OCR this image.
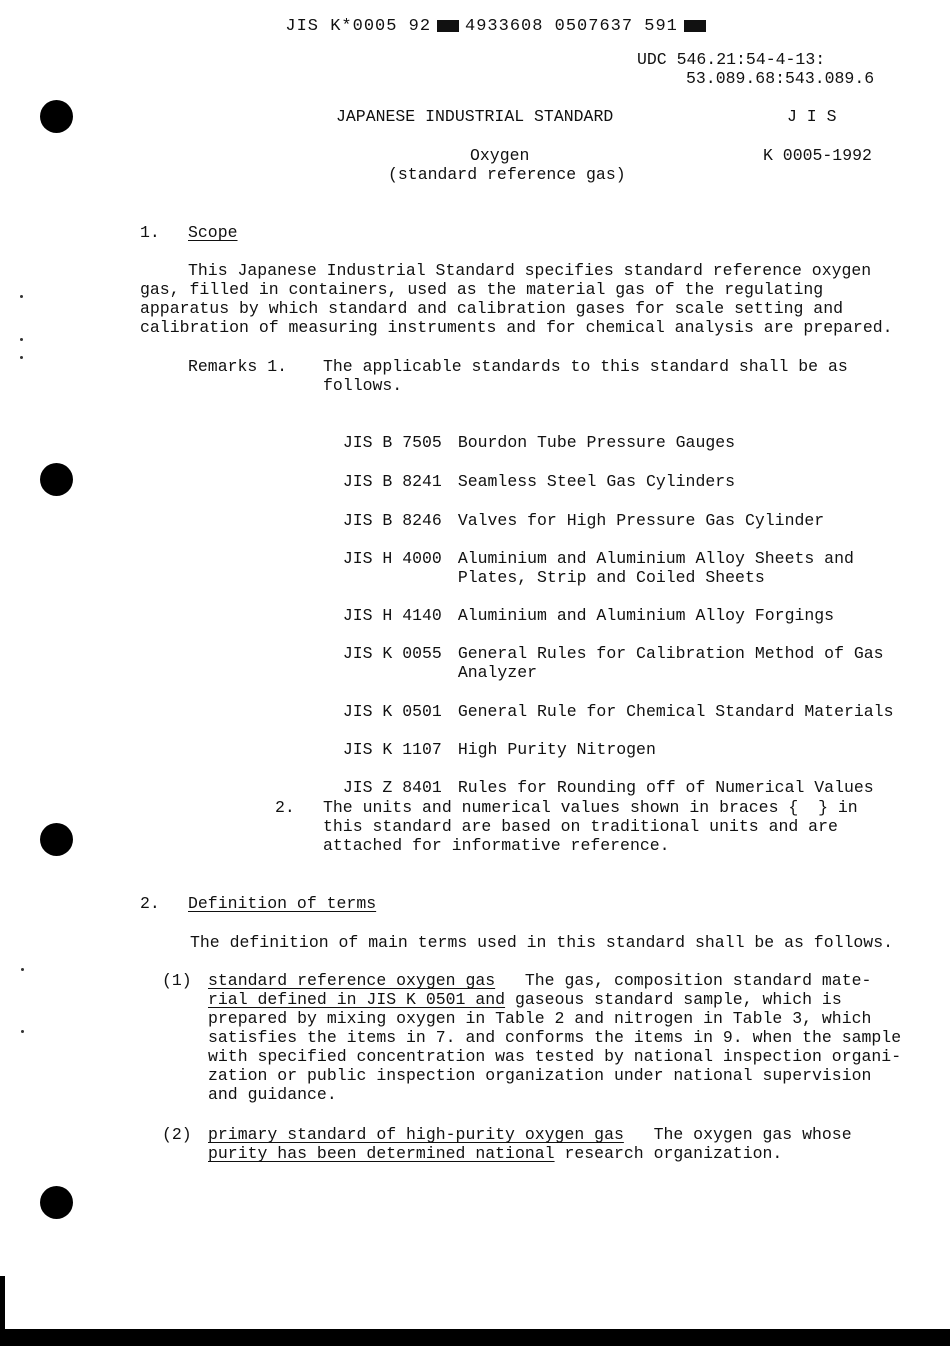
JIS K*0005 92 4933608 0507637 591

UDC 546.21:54-4-13:
53.089.68:543.089.6
JAPANESE INDUSTRIAL STANDARD	J I S
Oxygen
(standard reference gas)
K 0005-1992
1. Scope
This Japanese Industrial Standard specifies standard reference oxygen
gas, filled in containers, used as the material gas of the regulating
apparatus by which standard and calibration gases for scale setting and
calibration of measuring instruments and for chemical analysis are prepared.
Remarks 1. The applicable standards to this standard shall be as
follows.

JIS B 7505 Bourdon Tube Pressure Gauges

JIS B 8241 Seamless Steel Gas Cylinders

JIS B 8246 Valves for High Pressure Gas Cylinder

JIS H 4000 Aluminium and Aluminium Alloy Sheets and

Plates, Strip and Coiled Sheets

JIS H 4140 Aluminium and Aluminium Alloy Forgings

JIS K 0055 General Rules for Calibration Method of Gas

Analyzer

JIS K 0501 General Rule for Chemical Standard Materials

JIS K 1107 High Purity Nitrogen

JIS Z 8401 Rules for Rounding off of Numerical Values

2. The units and numerical values shown in braces {  } in
this standard are based on traditional units and are
attached for informative reference.
2. Definition of terms
The definition of main terms used in this standard shall be as follows.
(1) standard reference oxygen gas   The gas, composition standard mate-
rial defined in JIS K 0501 and gaseous standard sample, which is
prepared by mixing oxygen in Table 2 and nitrogen in Table 3, which
satisfies the items in 7. and conforms the items in 9. when the sample
with specified concentration was tested by national inspection organi-
zation or public inspection organization under national supervision
and guidance.
(2) primary standard of high-purity oxygen gas   The oxygen gas whose
purity has been determined national research organization.
